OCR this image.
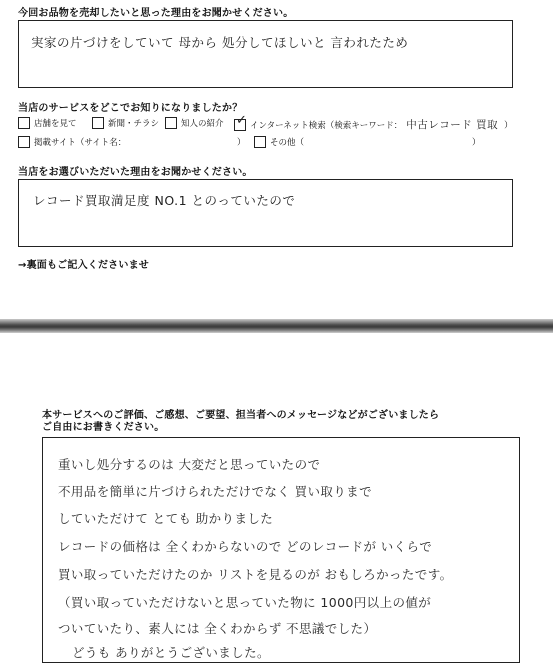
今回お品物を売却したいと思った理由をお聞かせください。
実家の片づけをしていて 母から 処分してほしいと 言われたため
当店のサービスをどこでお知りになりましたか？
店舗を見て	新聞・チラシ	知人の紹介 ✓ インターネット検索（検索キーワード： 中古レコード 買取 ）
掲載サイト（サイト名：	）	その他（	）
当店をお選びいただいた理由をお聞かせください。
レコード買取満足度 NO.1 とのっていたので
→裏面もご記入くださいませ
本サービスへのご評価、ご感想、ご要望、担当者へのメッセージなどがございましたら
ご自由にお書きください。
重いし処分するのは 大変だと思っていたので
不用品を簡単に片づけられただけでなく 買い取りまで
していただけて とても 助かりました
レコードの価格は 全くわからないので どのレコードが いくらで
買い取っていただけたのか リストを見るのが おもしろかったです。
（買い取っていただけないと思っていた物に 1000円以上の値が
ついていたり、素人には 全くわからず 不思議でした）
どうも ありがとうございました。
